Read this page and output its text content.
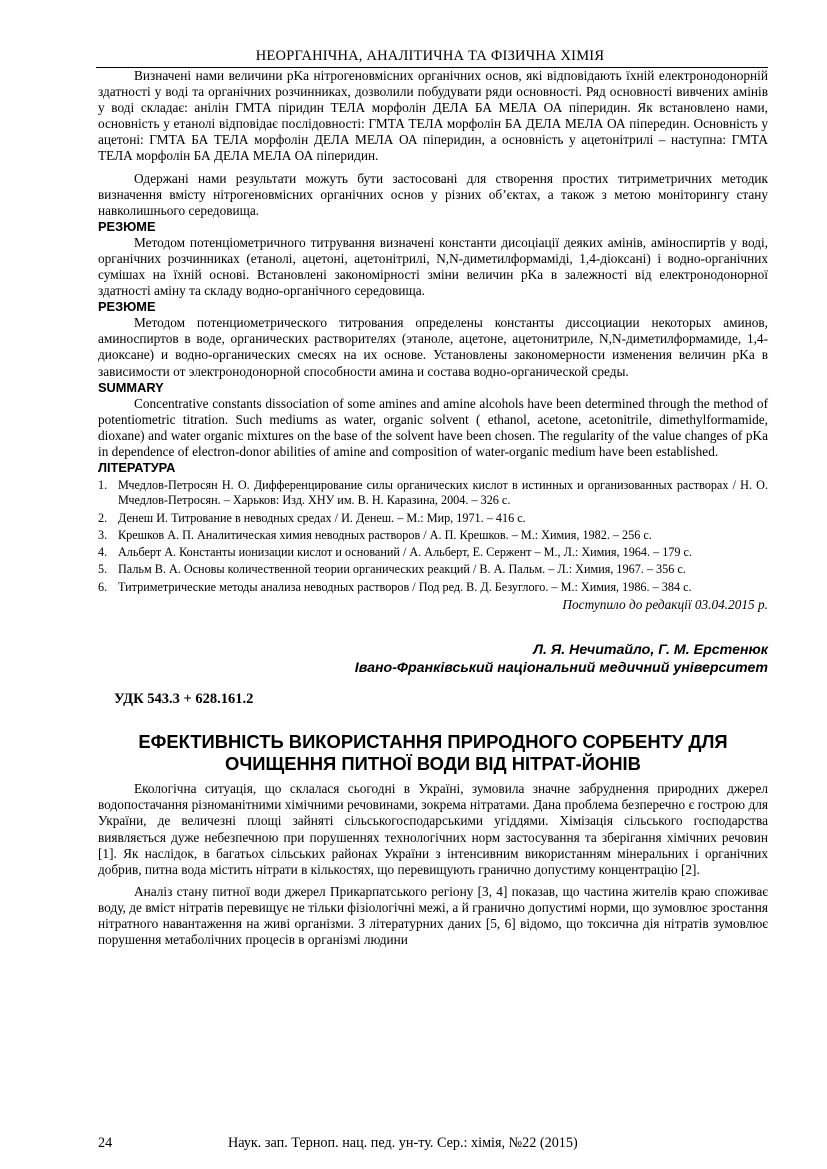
НЕОРГАНІЧНА, АНАЛІТИЧНА ТА ФІЗИЧНА ХІМІЯ

Визначені нами величини pKa нітрогеновмісних органічних основ, які відповідають їхній електронодонорній здатності у воді та органічних розчинниках, дозволили побудувати ряди основності. Ряд основності вивчених амінів у воді складає: анілін ГМТА піридин ТЕЛА морфолін ДЕЛА БА МЕЛА ОА піперидин. Як встановлено нами, основність у етанолі відповідає послідовності: ГМТА ТЕЛА морфолін БА ДЕЛА МЕЛА ОА піпередин. Основність у ацетоні: ГМТА БА ТЕЛА морфолін ДЕЛА МЕЛА ОА піперидин, а основність у ацетонітрилі – наступна: ГМТА ТЕЛА морфолін БА ДЕЛА МЕЛА ОА піперидин.

Одержані нами результати можуть бути застосовані для створення простих титриметричних методик визначення вмісту нітрогеновмісних органічних основ у різних об’єктах, а також з метою моніторингу стану навколишнього середовища.

РЕЗЮМЕ

Методом потенціометричного титрування визначені константи дисоціації деяких амінів, аміноспиртів у воді, органічних розчинниках (етанолі, ацетоні, ацетонітрилі, N,N-диметилформаміді, 1,4-діоксані) і водно-органічних сумішах на їхній основі. Встановлені закономірності зміни величин pKa в залежності від електронодонорної здатності аміну та складу водно-органічного середовища.

РЕЗЮМЕ

Методом потенциометрического титрования определены константы диссоциации некоторых аминов, аминоспиртов в воде, органических растворителях (этаноле, ацетоне, ацетонитриле, N,N-диметилформамиде, 1,4-диоксане) и водно-органических смесях на их основе. Установлены закономерности изменения величин pKa в зависимости от электронодонорной способности амина и состава водно-органической среды.

SUMMARY

Concentrative constants dissociation of some amines and amine alcohols have been determined through the method of potentiometric titration. Such mediums as water, organic solvent ( ethanol, acetone, acetonitrile, dimethylformamide, dioxane) and water organic mixtures on the base of the solvent have been chosen. The regularity of the value changes of pKa in dependence of electron-donor abilities of amine and composition of water-organic medium have been established.

ЛІТЕРАТУРА
1. Мчедлов-Петросян Н. О. Дифференцирование силы органических кислот в истинных и организованных растворах / Н. О. Мчедлов-Петросян. – Харьков: Изд. ХНУ им. В. Н. Каразина, 2004. – 326 с.
2. Денеш И. Титрование в неводных средах / И. Денеш. – М.: Мир, 1971. – 416 с.
3. Крешков А. П. Аналитическая химия неводных растворов / А. П. Крешков. – М.: Химия, 1982. – 256 с.
4. Альберт А. Константы ионизации кислот и оснований / А. Альберт, Е. Сержент – М., Л.: Химия, 1964. – 179 с.
5. Пальм В. А. Основы количественной теории органических реакций / В. А. Пальм. – Л.: Химия, 1967. – 356 с.
6. Титриметрические методы анализа неводных растворов / Под ред. В. Д. Безуглого. – М.: Химия, 1986. – 384 с.
Поступило до редакції 03.04.2015 р.
Л. Я. Нечитайло, Г. М. Ерстенюк
Івано-Франківський національний медичний університет
УДК 543.3 + 628.161.2
ЕФЕКТИВНІСТЬ ВИКОРИСТАННЯ ПРИРОДНОГО СОРБЕНТУ ДЛЯ
ОЧИЩЕННЯ ПИТНОЇ ВОДИ ВІД НІТРАТ-ЙОНІВ

Екологічна ситуація, що склалася сьогодні в Україні, зумовила значне забруднення природних джерел водопостачання різноманітними хімічними речовинами, зокрема нітратами. Дана проблема безперечно є гострою для України, де величезні площі зайняті сільськогосподарськими угіддями. Хімізація сільського господарства виявляється дуже небезпечною при порушеннях технологічних норм застосування та зберігання хімічних речовин [1]. Як наслідок, в багатьох сільських районах України з інтенсивним використанням мінеральних і органічних добрив, питна вода містить нітрати в кількостях, що перевищують гранично допустиму концентрацію [2].

Аналіз стану питної води джерел Прикарпатського регіону [3, 4] показав, що частина жителів краю споживає воду, де вміст нітратів перевищує не тільки фізіологічні межі, а й гранично допустимі норми, що зумовлює зростання нітратного навантаження на живі організми. З літературних даних [5, 6] відомо, що токсична дія нітратів зумовлює порушення метаболічних процесів в організмі людини

24	Наук. зап. Терноп. нац. пед. ун-ту. Сер.: хімія, №22 (2015)
